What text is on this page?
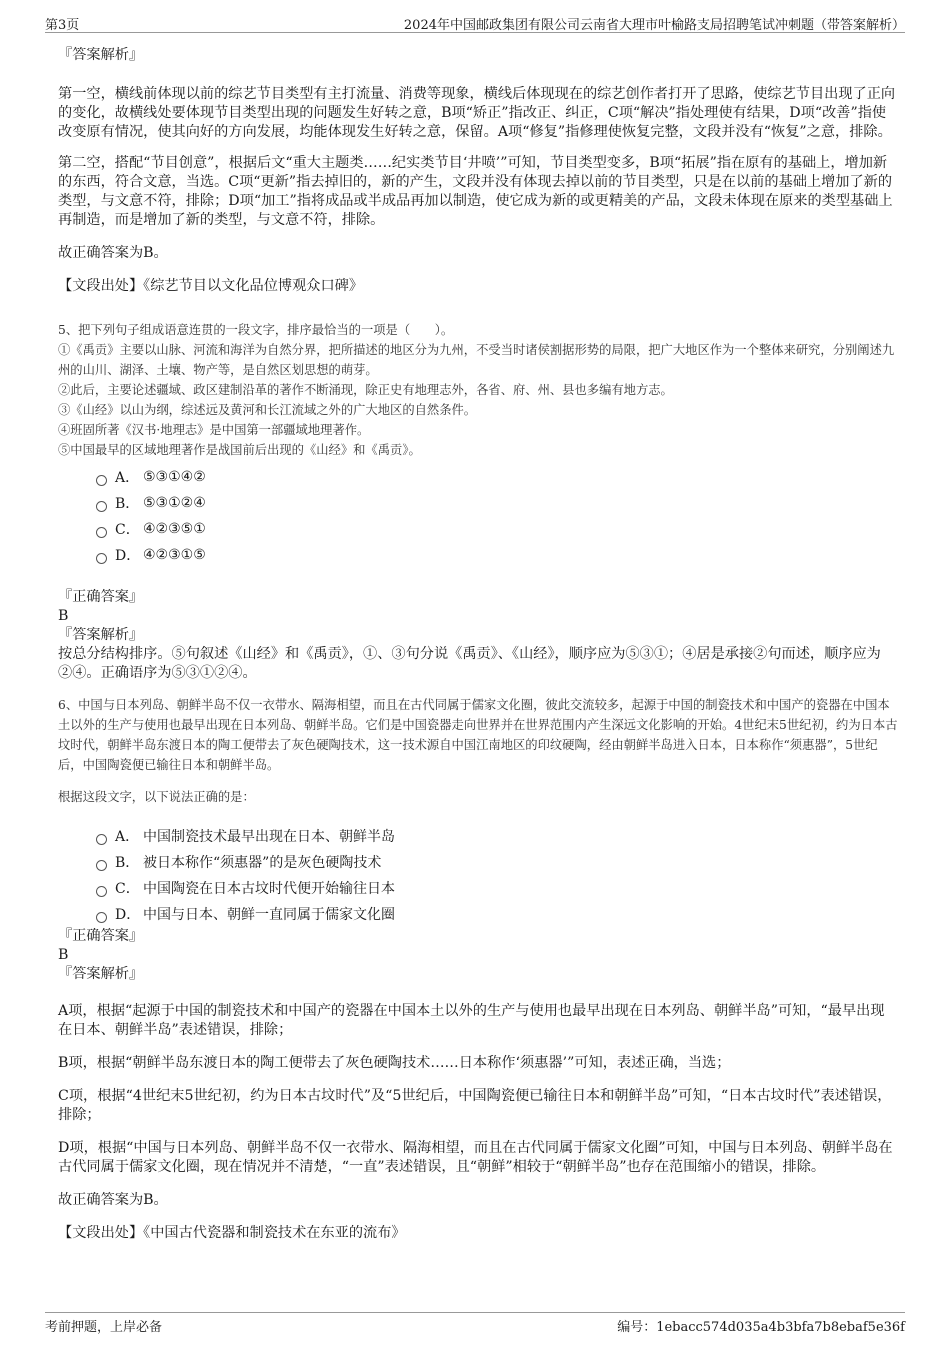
第3页	2024年中国邮政集团有限公司云南省大理市叶榆路支局招聘笔试冲刺题（带答案解析）

『答案解析』

第一空，横线前体现以前的综艺节目类型有主打流量、消费等现象，横线后体现现在的综艺创作者打开了思路，使综艺节目出现了正向的变化，故横线处要体现节目类型出现的问题发生好转之意，B项“矫正”指改正、纠正，C项“解决”指处理使有结果，D项“改善”指使改变原有情况，使其向好的方向发展，均能体现发生好转之意，保留。A项“修复”指修理使恢复完整，文段并没有“恢复”之意，排除。

第二空，搭配“节目创意”，根据后文“重大主题类……纪实类节目‘井喷’”可知，节目类型变多，B项“拓展”指在原有的基础上，增加新的东西，符合文意，当选。C项“更新”指去掉旧的，新的产生，文段并没有体现去掉以前的节目类型，只是在以前的基础上增加了新的类型，与文意不符，排除；D项“加工”指将成品或半成品再加以制造，使它成为新的或更精美的产品，文段未体现在原来的类型基础上再制造，而是增加了新的类型，与文意不符，排除。

故正确答案为B。

【文段出处】《综艺节目以文化品位博观众口碑》

5、把下列句子组成语意连贯的一段文字，排序最恰当的一项是（　　）。

①《禹贡》主要以山脉、河流和海洋为自然分界，把所描述的地区分为九州，不受当时诸侯割据形势的局限，把广大地区作为一个整体来研究，分别阐述九州的山川、湖泽、土壤、物产等，是自然区划思想的萌芽。

②此后，主要论述疆域、政区建制沿革的著作不断涌现，除正史有地理志外，各省、府、州、县也多编有地方志。

③《山经》以山为纲，综述远及黄河和长江流域之外的广大地区的自然条件。

④班固所著《汉书·地理志》是中国第一部疆域地理著作。

⑤中国最早的区域地理著作是战国前后出现的《山经》和《禹贡》。

A． ⑤③①④②
B． ⑤③①②④
C． ④②③⑤①
D． ④②③①⑤

『正确答案』

B

『答案解析』

按总分结构排序。⑤句叙述《山经》和《禹贡》，①、③句分说《禹贡》、《山经》，顺序应为⑤③①；④居是承接②句而述，顺序应为②④。正确语序为⑤③①②④。

6、中国与日本列岛、朝鲜半岛不仅一衣带水、隔海相望，而且在古代同属于儒家文化圈，彼此交流较多，起源于中国的制瓷技术和中国产的瓷器在中国本土以外的生产与使用也最早出现在日本列岛、朝鲜半岛。它们是中国瓷器走向世界并在世界范围内产生深远文化影响的开始。4世纪末5世纪初，约为日本古坟时代，朝鲜半岛东渡日本的陶工便带去了灰色硬陶技术，这一技术源自中国江南地区的印纹硬陶，经由朝鲜半岛进入日本，日本称作“须惠器”，5世纪后，中国陶瓷便已输往日本和朝鲜半岛。

根据这段文字，以下说法正确的是：

A． 中国制瓷技术最早出现在日本、朝鲜半岛
B． 被日本称作“须惠器”的是灰色硬陶技术
C． 中国陶瓷在日本古坟时代便开始输往日本
D． 中国与日本、朝鲜一直同属于儒家文化圈

『正确答案』

B

『答案解析』

A项，根据“起源于中国的制瓷技术和中国产的瓷器在中国本土以外的生产与使用也最早出现在日本列岛、朝鲜半岛”可知，“最早出现在日本、朝鲜半岛”表述错误，排除；

B项，根据“朝鲜半岛东渡日本的陶工便带去了灰色硬陶技术……日本称作‘须惠器’”可知，表述正确，当选；

C项，根据“4世纪末5世纪初，约为日本古坟时代”及“5世纪后，中国陶瓷便已输往日本和朝鲜半岛”可知，“日本古坟时代”表述错误，排除；

D项，根据“中国与日本列岛、朝鲜半岛不仅一衣带水、隔海相望，而且在古代同属于儒家文化圈”可知，中国与日本列岛、朝鲜半岛在古代同属于儒家文化圈，现在情况并不清楚，“一直”表述错误，且“朝鲜”相较于“朝鲜半岛”也存在范围缩小的错误，排除。

故正确答案为B。

【文段出处】《中国古代瓷器和制瓷技术在东亚的流布》

考前押题，上岸必备	编号：1ebacc574d035a4b3bfa7b8ebaf5e36f
